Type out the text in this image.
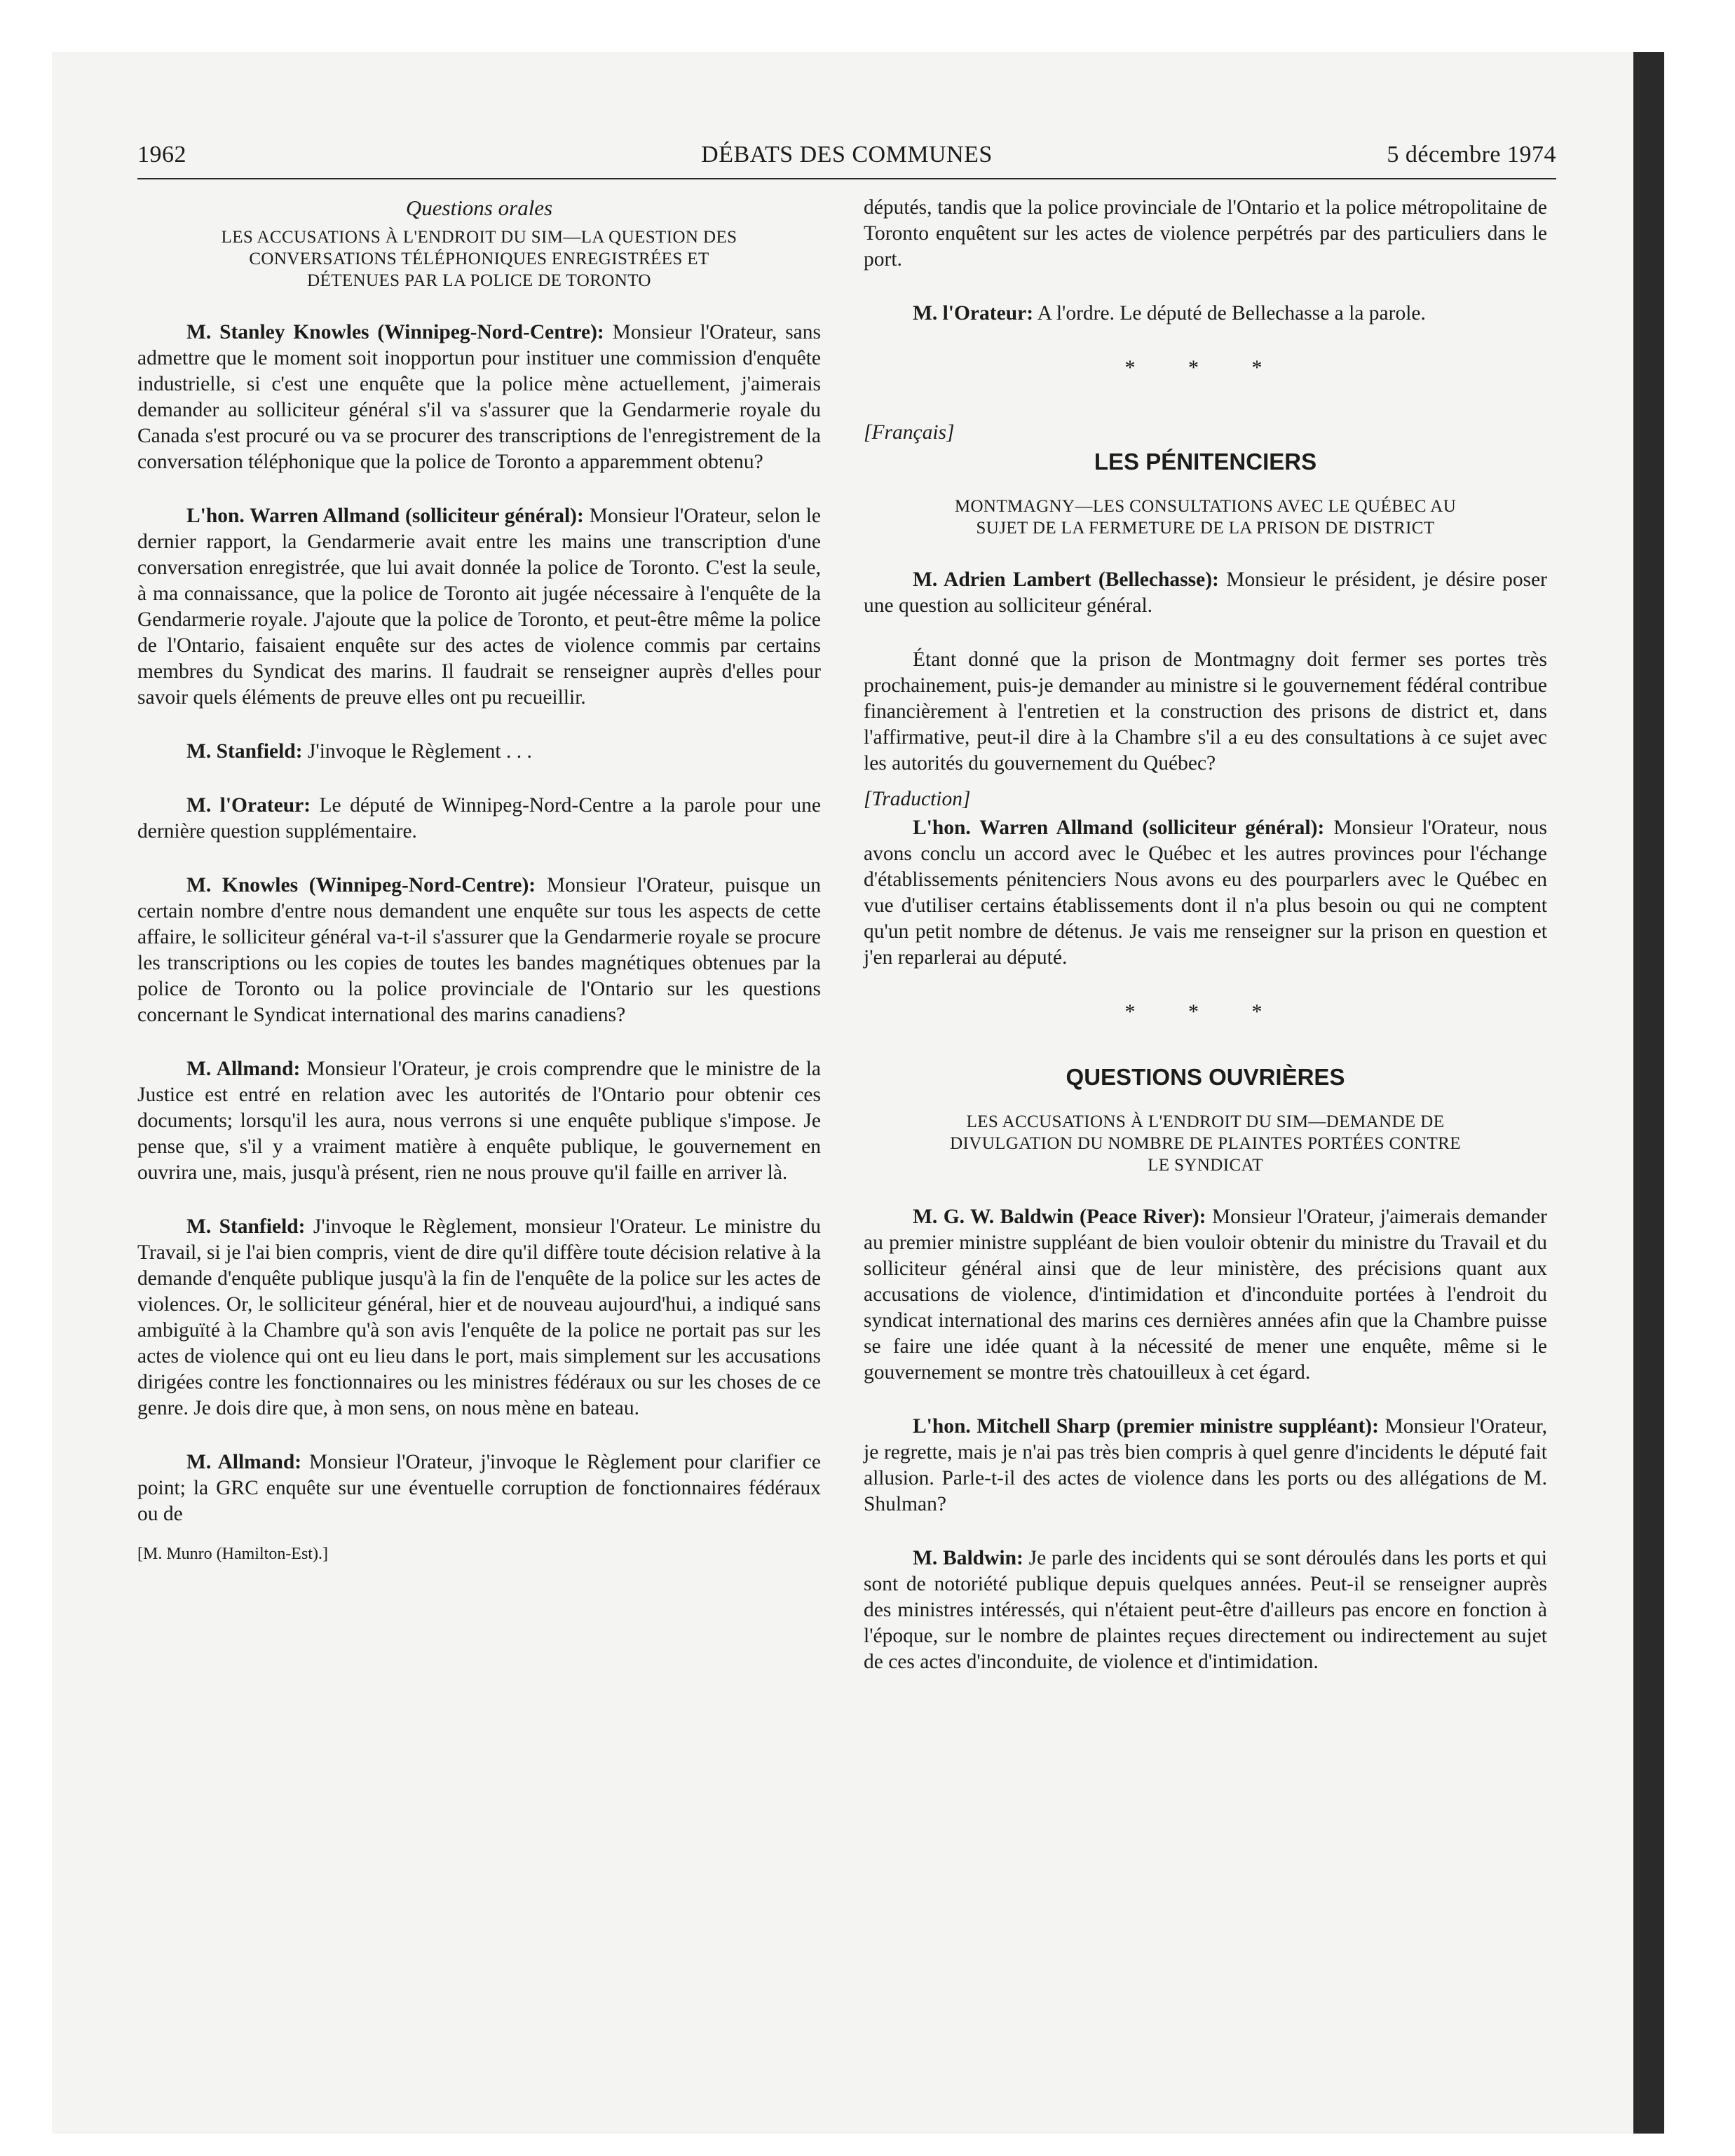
1962	DÉBATS DES COMMUNES	5 décembre 1974
Questions orales
LES ACCUSATIONS À L'ENDROIT DU SIM—LA QUESTION DES
CONVERSATIONS TÉLÉPHONIQUES ENREGISTRÉES ET
DÉTENUES PAR LA POLICE DE TORONTO

M. Stanley Knowles (Winnipeg-Nord-Centre): Monsieur l'Orateur, sans admettre que le moment soit inopportun pour instituer une commission d'enquête industrielle, si c'est une enquête que la police mène actuellement, j'aimerais demander au solliciteur général s'il va s'assurer que la Gendarmerie royale du Canada s'est procuré ou va se procurer des transcriptions de l'enregistrement de la conversation téléphonique que la police de Toronto a apparemment obtenu?

L'hon. Warren Allmand (solliciteur général): Monsieur l'Orateur, selon le dernier rapport, la Gendarmerie avait entre les mains une transcription d'une conversation enregistrée, que lui avait donnée la police de Toronto. C'est la seule, à ma connaissance, que la police de Toronto ait jugée nécessaire à l'enquête de la Gendarmerie royale. J'ajoute que la police de Toronto, et peut-être même la police de l'Ontario, faisaient enquête sur des actes de violence commis par certains membres du Syndicat des marins. Il faudrait se renseigner auprès d'elles pour savoir quels éléments de preuve elles ont pu recueillir.

M. Stanfield: J'invoque le Règlement . . .

M. l'Orateur: Le député de Winnipeg-Nord-Centre a la parole pour une dernière question supplémentaire.

M. Knowles (Winnipeg-Nord-Centre): Monsieur l'Orateur, puisque un certain nombre d'entre nous demandent une enquête sur tous les aspects de cette affaire, le solliciteur général va-t-il s'assurer que la Gendarmerie royale se procure les transcriptions ou les copies de toutes les bandes magnétiques obtenues par la police de Toronto ou la police provinciale de l'Ontario sur les questions concernant le Syndicat international des marins canadiens?

M. Allmand: Monsieur l'Orateur, je crois comprendre que le ministre de la Justice est entré en relation avec les autorités de l'Ontario pour obtenir ces documents; lorsqu'il les aura, nous verrons si une enquête publique s'impose. Je pense que, s'il y a vraiment matière à enquête publique, le gouvernement en ouvrira une, mais, jusqu'à présent, rien ne nous prouve qu'il faille en arriver là.

M. Stanfield: J'invoque le Règlement, monsieur l'Orateur. Le ministre du Travail, si je l'ai bien compris, vient de dire qu'il diffère toute décision relative à la demande d'enquête publique jusqu'à la fin de l'enquête de la police sur les actes de violences. Or, le solliciteur général, hier et de nouveau aujourd'hui, a indiqué sans ambiguïté à la Chambre qu'à son avis l'enquête de la police ne portait pas sur les actes de violence qui ont eu lieu dans le port, mais simplement sur les accusations dirigées contre les fonctionnaires ou les ministres fédéraux ou sur les choses de ce genre. Je dois dire que, à mon sens, on nous mène en bateau.

M. Allmand: Monsieur l'Orateur, j'invoque le Règlement pour clarifier ce point; la GRC enquête sur une éventuelle corruption de fonctionnaires fédéraux ou de

[M. Munro (Hamilton-Est).]

députés, tandis que la police provinciale de l'Ontario et la police métropolitaine de Toronto enquêtent sur les actes de violence perpétrés par des particuliers dans le port.

M. l'Orateur: A l'ordre. Le député de Bellechasse a la parole.

* * *
[Français]
LES PÉNITENCIERS
MONTMAGNY—LES CONSULTATIONS AVEC LE QUÉBEC AU
SUJET DE LA FERMETURE DE LA PRISON DE DISTRICT

M. Adrien Lambert (Bellechasse): Monsieur le président, je désire poser une question au solliciteur général.

Étant donné que la prison de Montmagny doit fermer ses portes très prochainement, puis-je demander au ministre si le gouvernement fédéral contribue financièrement à l'entretien et la construction des prisons de district et, dans l'affirmative, peut-il dire à la Chambre s'il a eu des consultations à ce sujet avec les autorités du gouvernement du Québec?

[Traduction]

L'hon. Warren Allmand (solliciteur général): Monsieur l'Orateur, nous avons conclu un accord avec le Québec et les autres provinces pour l'échange d'établissements pénitenciers Nous avons eu des pourparlers avec le Québec en vue d'utiliser certains établissements dont il n'a plus besoin ou qui ne comptent qu'un petit nombre de détenus. Je vais me renseigner sur la prison en question et j'en reparlerai au député.

* * *
QUESTIONS OUVRIÈRES
LES ACCUSATIONS À L'ENDROIT DU SIM—DEMANDE DE
DIVULGATION DU NOMBRE DE PLAINTES PORTÉES CONTRE
LE SYNDICAT

M. G. W. Baldwin (Peace River): Monsieur l'Orateur, j'aimerais demander au premier ministre suppléant de bien vouloir obtenir du ministre du Travail et du solliciteur général ainsi que de leur ministère, des précisions quant aux accusations de violence, d'intimidation et d'inconduite portées à l'endroit du syndicat international des marins ces dernières années afin que la Chambre puisse se faire une idée quant à la nécessité de mener une enquête, même si le gouvernement se montre très chatouilleux à cet égard.

L'hon. Mitchell Sharp (premier ministre suppléant): Monsieur l'Orateur, je regrette, mais je n'ai pas très bien compris à quel genre d'incidents le député fait allusion. Parle-t-il des actes de violence dans les ports ou des allégations de M. Shulman?

M. Baldwin: Je parle des incidents qui se sont déroulés dans les ports et qui sont de notoriété publique depuis quelques années. Peut-il se renseigner auprès des ministres intéressés, qui n'étaient peut-être d'ailleurs pas encore en fonction à l'époque, sur le nombre de plaintes reçues directement ou indirectement au sujet de ces actes d'inconduite, de violence et d'intimidation.
